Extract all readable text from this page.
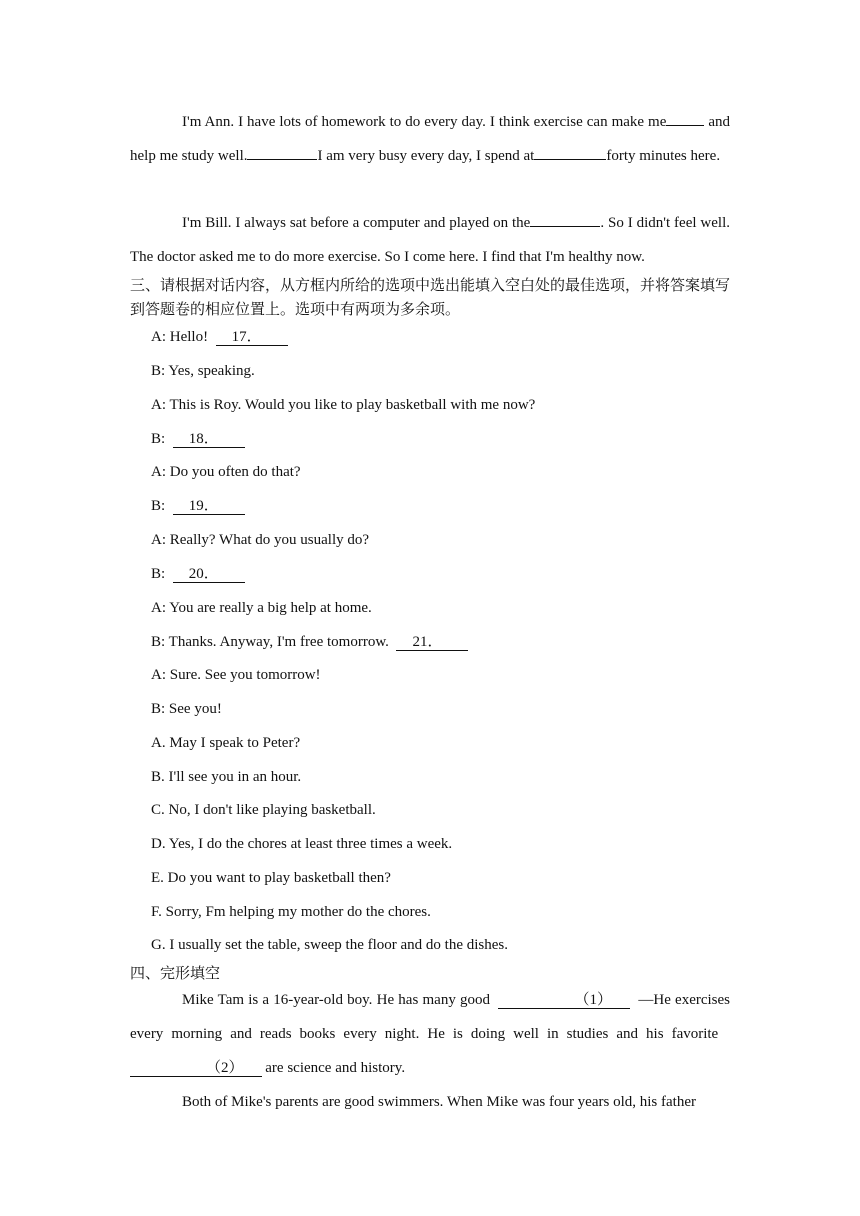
I'm Ann. I have lots of homework to do every day. I think exercise can make me	and help me study well.	I am very busy every day, I spend at	forty minutes here.
I'm Bill. I always sat before a computer and played on the	. So I didn't feel well. The doctor asked me to do more exercise. So I come here. I find that I'm healthy now.
三、请根据对话内容，从方框内所给的选项中选出能填入空白处的最佳选项，并将答案填写到答题卷的相应位置上。选项中有两项为多余项。
A: Hello! 17．
B: Yes, speaking.
A: This is Roy. Would you like to play basketball with me now?
B: 18．
A: Do you often do that?
B: 19．
A: Really? What do you usually do?
B: 20．
A: You are really a big help at home.
B: Thanks. Anyway, I'm free tomorrow. 21．
A: Sure. See you tomorrow!
B: See you!
A. May I speak to Peter?
B. I'll see you in an hour.
C. No, I don't like playing basketball.
D. Yes, I do the chores at least three times a week.
E. Do you want to play basketball then?
F. Sorry, Fm helping my mother do the chores.
G. I usually set the table, sweep the floor and do the dishes.
四、完形填空
Mike Tam is a 16-year-old boy. He has many good	（1） —He exercises every morning and reads books every night. He is doing well in studies and his favorite  （2） are science and history.
Both of Mike's parents are good swimmers. When Mike was four years old, his father
